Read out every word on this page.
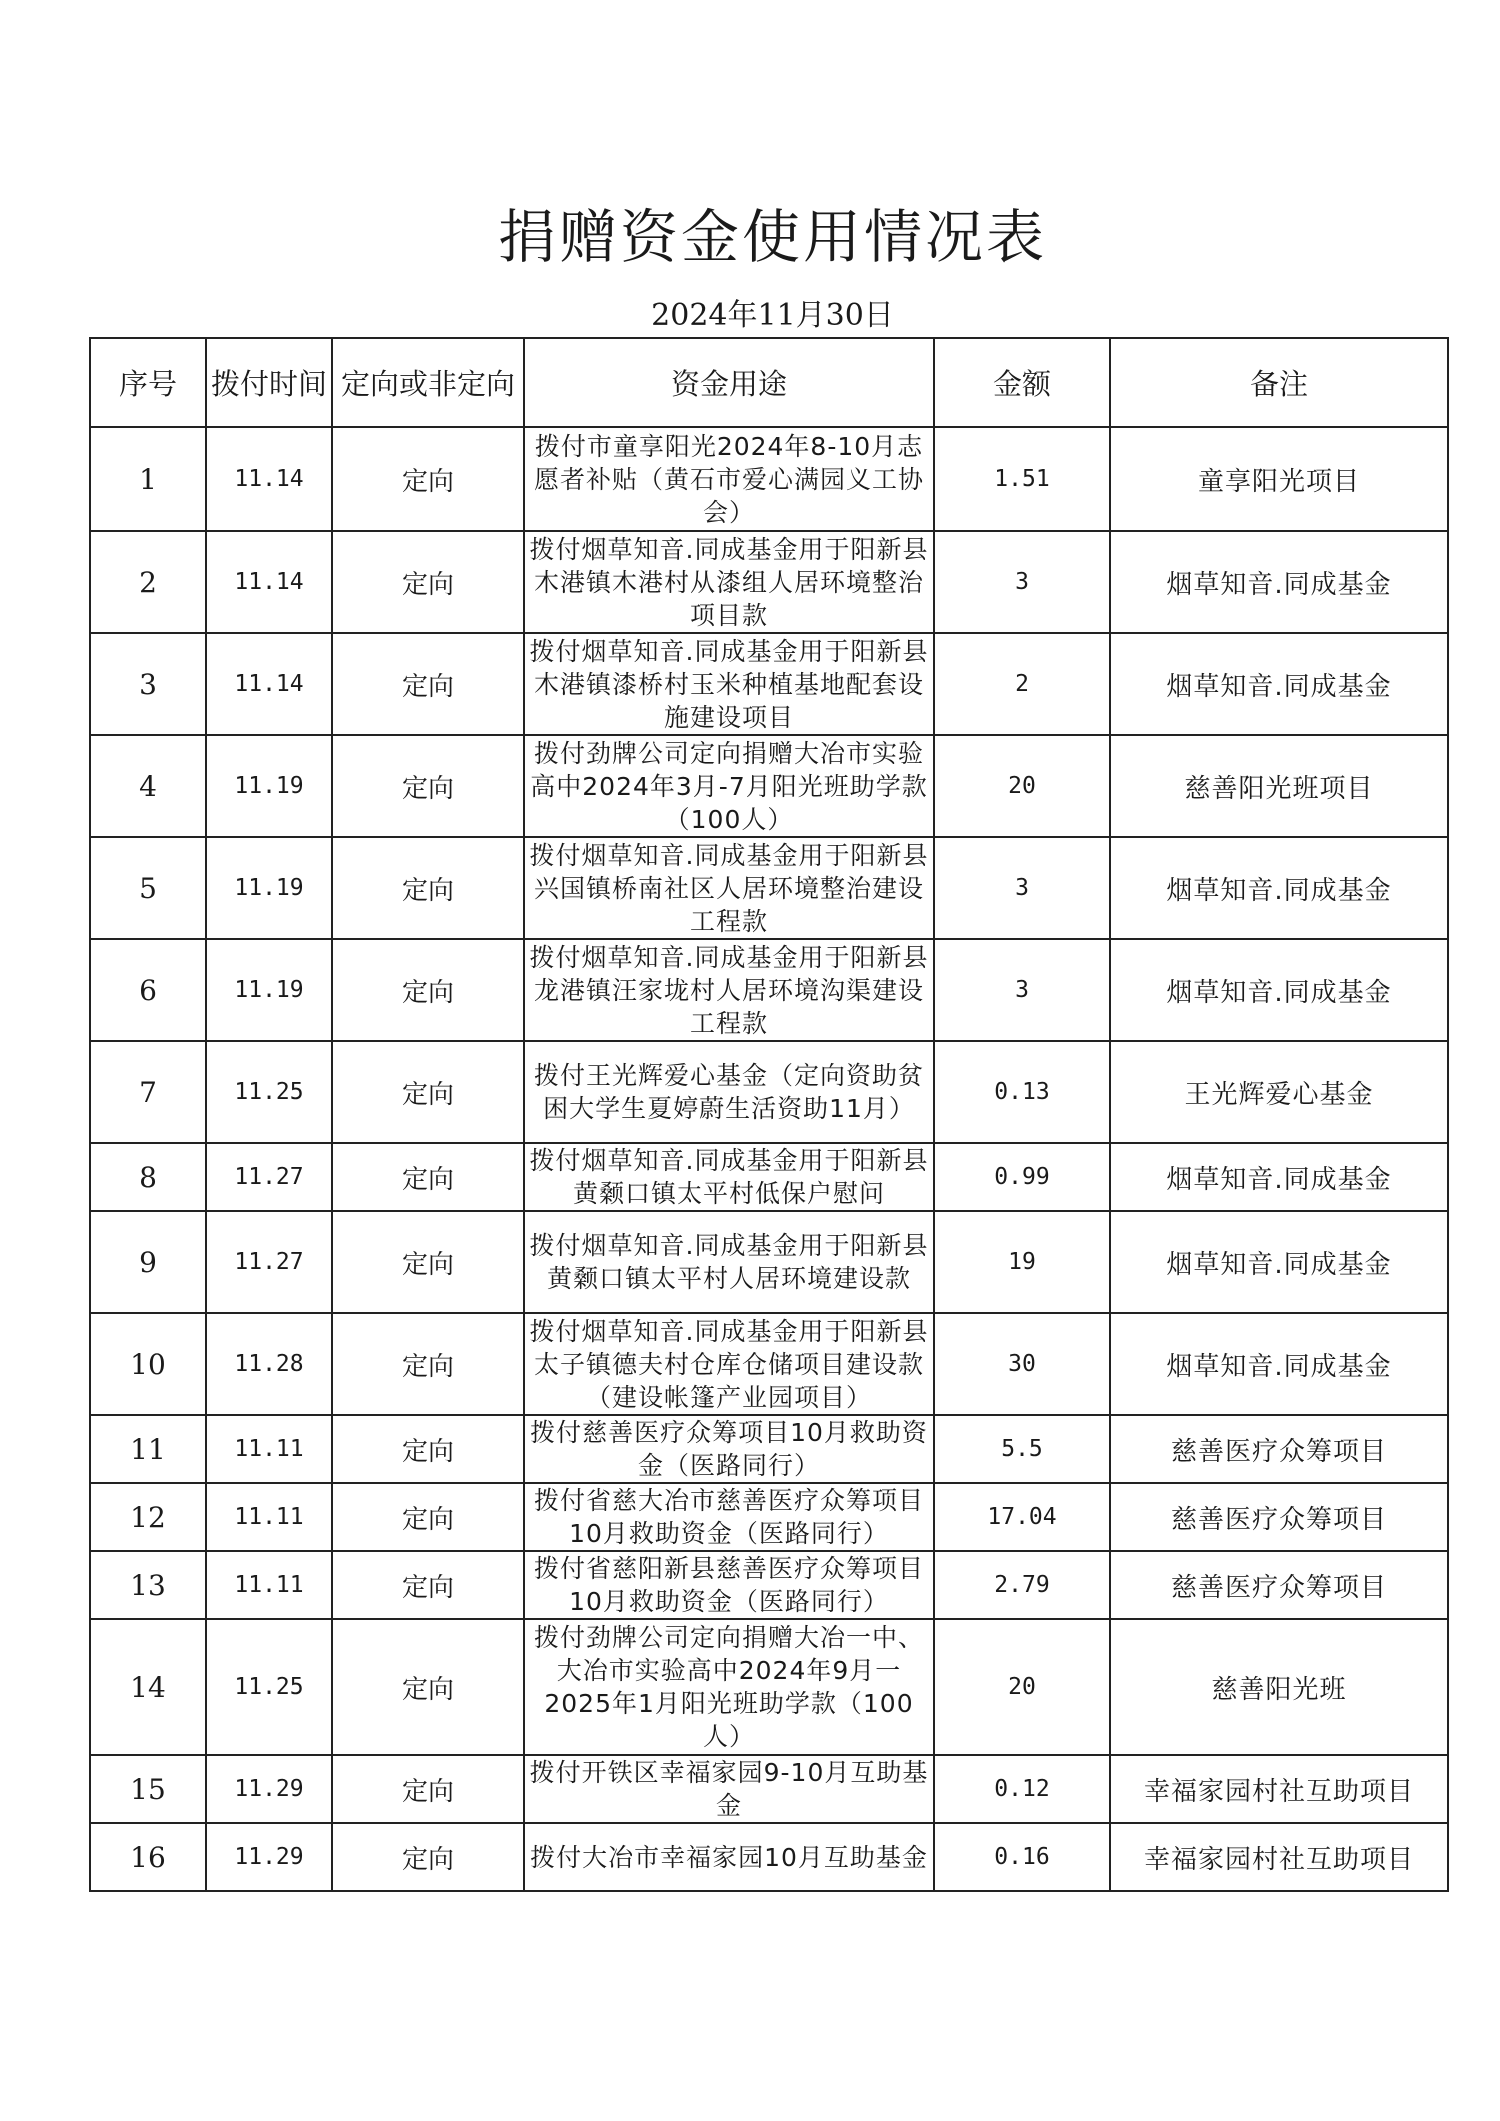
捐赠资金使用情况表
2024年11月30日
序号	拨付时间	定向或非定向	资金用途	金额	备注
1	11.14	定向	拨付市童享阳光2024年8-10月志愿者补贴（黄石市爱心满园义工协会）	1.51	童享阳光项目
2	11.14	定向	拨付烟草知音.同成基金用于阳新县木港镇木港村从漆组人居环境整治项目款	3	烟草知音.同成基金
3	11.14	定向	拨付烟草知音.同成基金用于阳新县木港镇漆桥村玉米种植基地配套设施建设项目	2	烟草知音.同成基金
4	11.19	定向	拨付劲牌公司定向捐赠大冶市实验高中2024年3月-7月阳光班助学款（100人）	20	慈善阳光班项目
5	11.19	定向	拨付烟草知音.同成基金用于阳新县兴国镇桥南社区人居环境整治建设工程款	3	烟草知音.同成基金
6	11.19	定向	拨付烟草知音.同成基金用于阳新县龙港镇汪家垅村人居环境沟渠建设工程款	3	烟草知音.同成基金
7	11.25	定向	拨付王光辉爱心基金（定向资助贫困大学生夏婷蔚生活资助11月）	0.13	王光辉爱心基金
8	11.27	定向	拨付烟草知音.同成基金用于阳新县黄颡口镇太平村低保户慰问	0.99	烟草知音.同成基金
9	11.27	定向	拨付烟草知音.同成基金用于阳新县黄颡口镇太平村人居环境建设款	19	烟草知音.同成基金
10	11.28	定向	拨付烟草知音.同成基金用于阳新县太子镇德夫村仓库仓储项目建设款（建设帐篷产业园项目）	30	烟草知音.同成基金
11	11.11	定向	拨付慈善医疗众筹项目10月救助资金（医路同行）	5.5	慈善医疗众筹项目
12	11.11	定向	拨付省慈大冶市慈善医疗众筹项目10月救助资金（医路同行）	17.04	慈善医疗众筹项目
13	11.11	定向	拨付省慈阳新县慈善医疗众筹项目10月救助资金（医路同行）	2.79	慈善医疗众筹项目
14	11.25	定向	拨付劲牌公司定向捐赠大冶一中、大冶市实验高中2024年9月一2025年1月阳光班助学款（100人）	20	慈善阳光班
15	11.29	定向	拨付开铁区幸福家园9-10月互助基金	0.12	幸福家园村社互助项目
16	11.29	定向	拨付大冶市幸福家园10月互助基金	0.16	幸福家园村社互助项目
